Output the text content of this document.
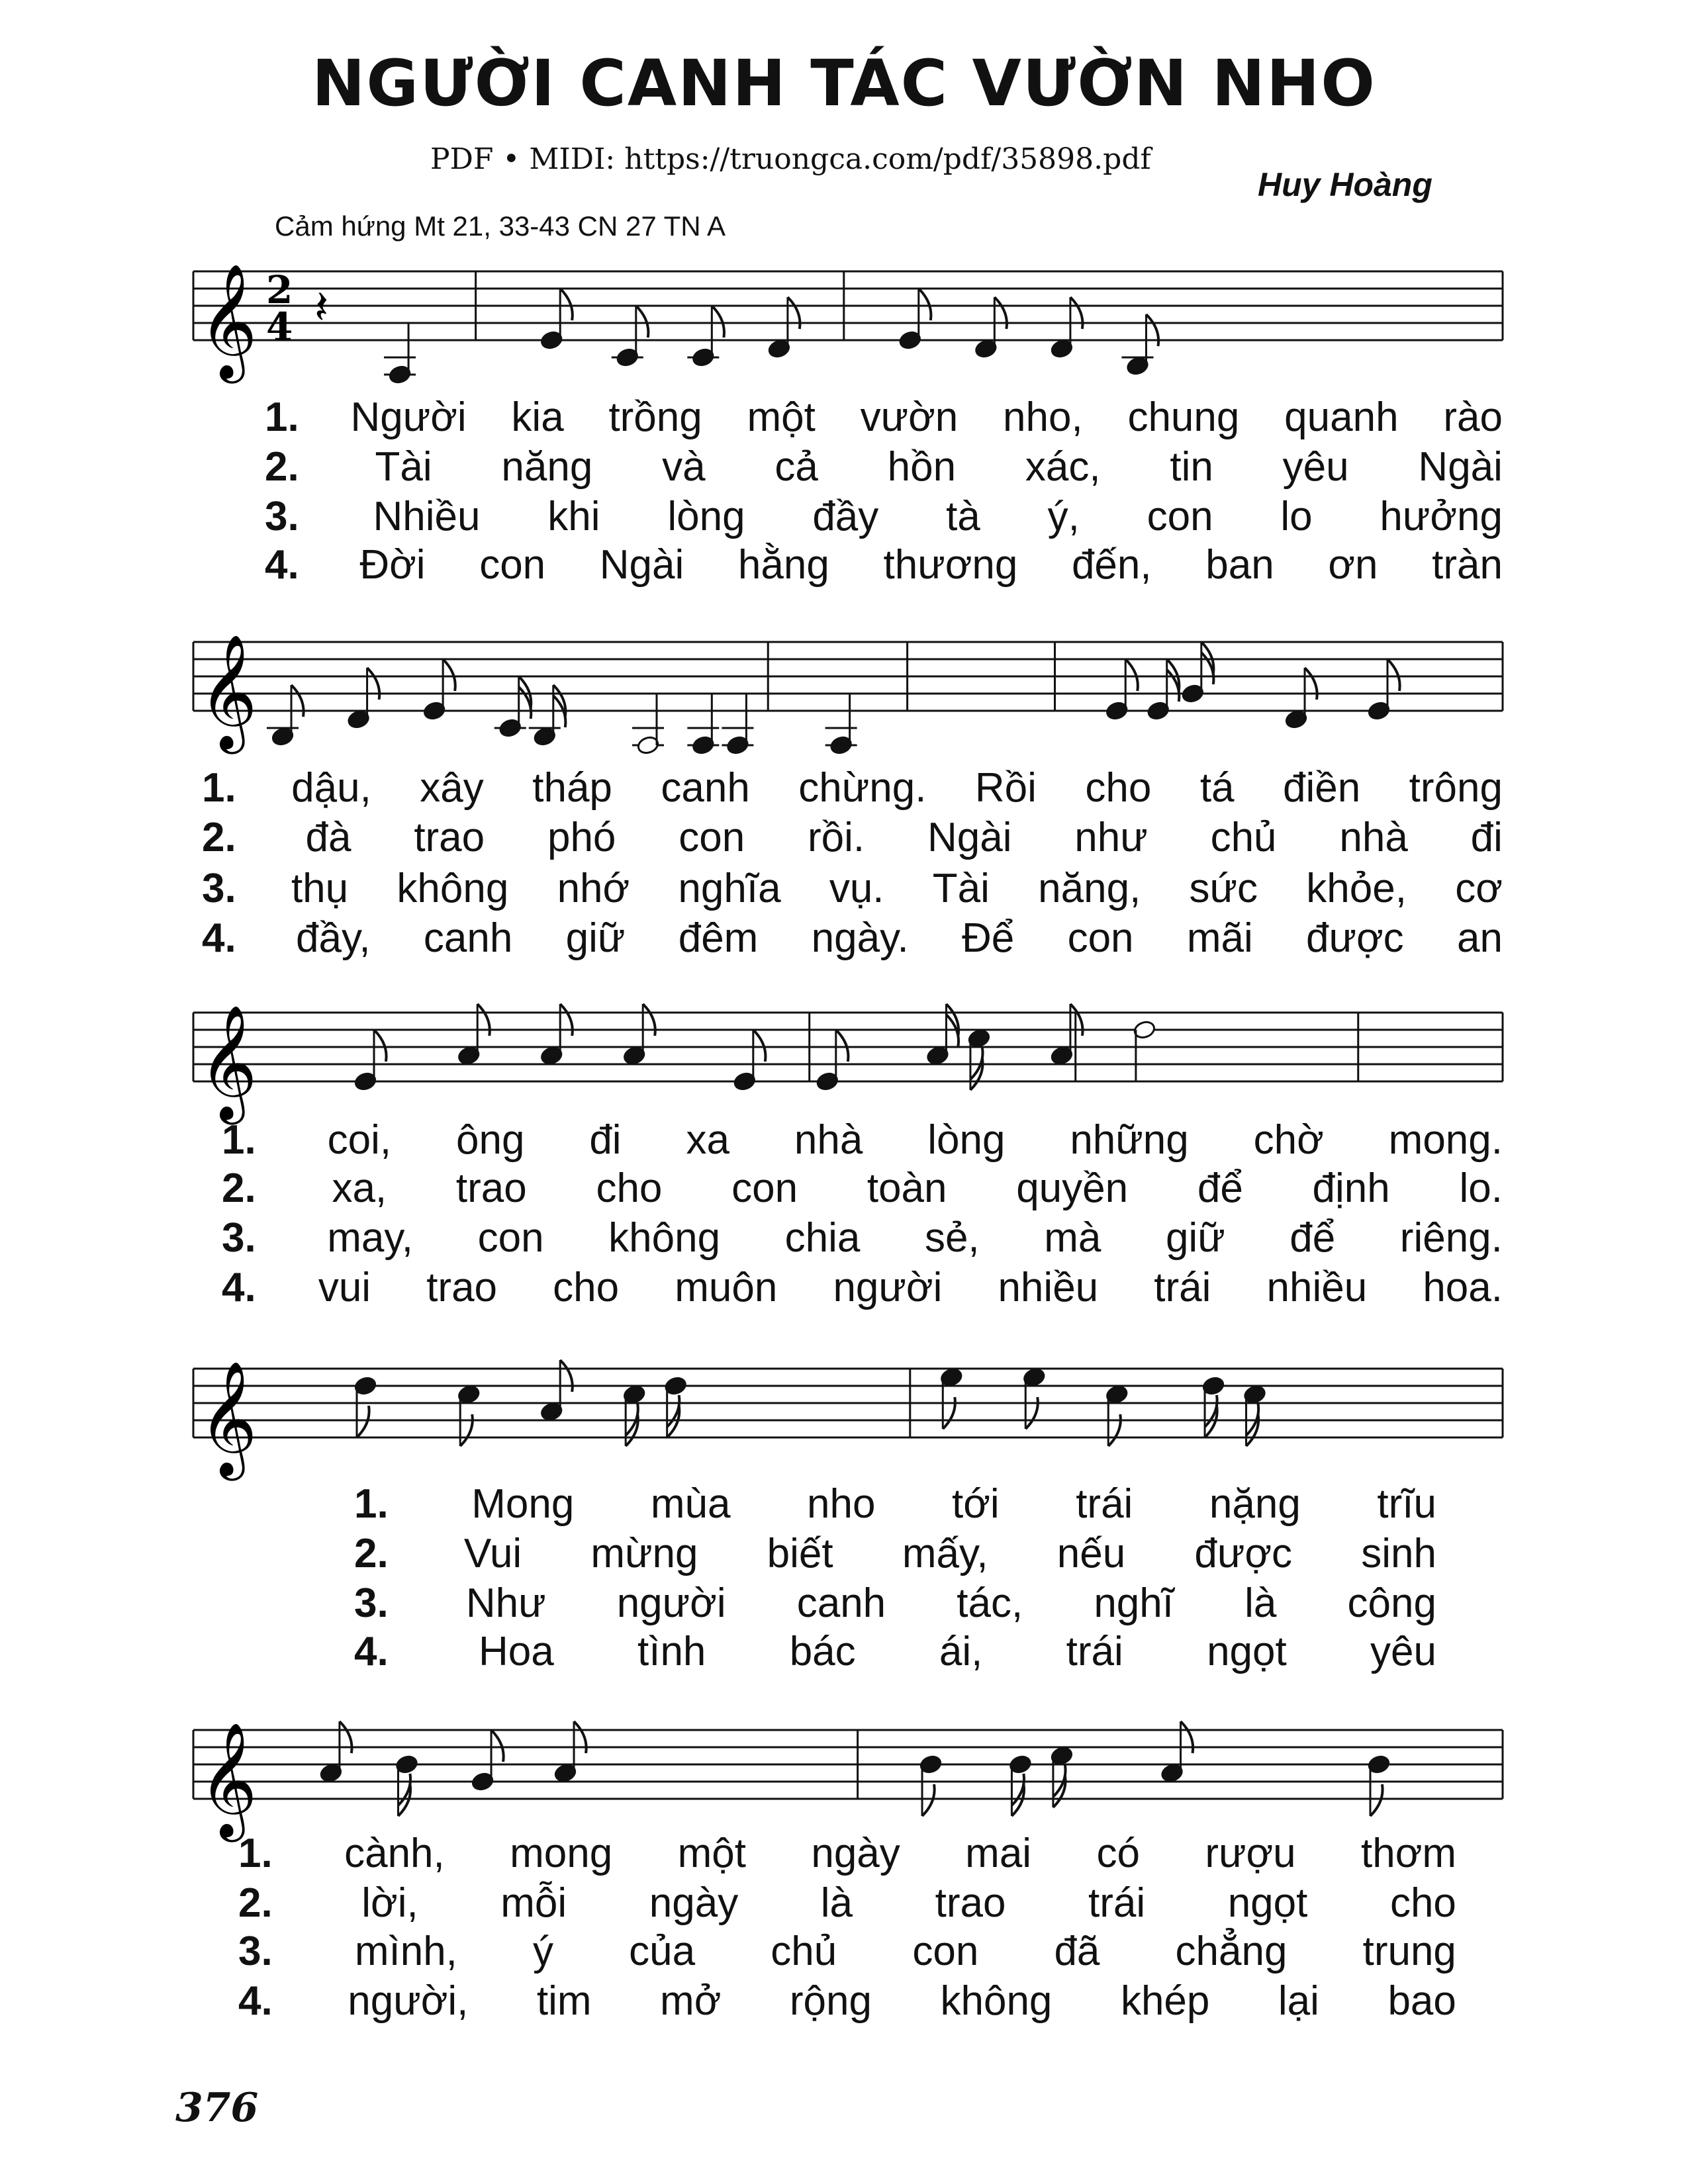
NGƯỜI CANH TÁC VƯỜN NHO
PDF • MIDI: https://truongca.com/pdf/35898.pdf
Huy Hoàng
Cảm hứng Mt 21, 33-43 CN 27 TN A
𝄞 2
4 𝄽
𝄞
𝄞
𝄞
𝄞
1. Người kia trồng một vườn nho, chung quanh rào
2. Tài năng và cả hồn xác, tin yêu Ngài
3. Nhiều khi lòng đầy tà ý, con lo hưởng
4. Đời con Ngài hằng thương đến, ban ơn tràn
1. dậu, xây tháp canh chừng. Rồi cho tá điền trông
2. đà trao phó con rồi. Ngài như chủ nhà đi
3. thụ không nhớ nghĩa vụ. Tài năng, sức khỏe, cơ
4. đầy, canh giữ đêm ngày. Để con mãi được an
1. coi, ông đi xa nhà lòng những chờ mong.
2. xa, trao cho con toàn quyền để định lo.
3. may, con không chia sẻ, mà giữ để riêng.
4. vui trao cho muôn người nhiều trái nhiều hoa.
1. Mong mùa nho tới trái nặng trĩu
2. Vui mừng biết mấy, nếu được sinh
3. Như người canh tác, nghĩ là công
4. Hoa tình bác ái, trái ngọt yêu
1. cành, mong một ngày mai có rượu thơm
2. lời, mỗi ngày là trao trái ngọt cho
3. mình, ý của chủ con đã chẳng trung
4. người, tim mở rộng không khép lại bao
376
